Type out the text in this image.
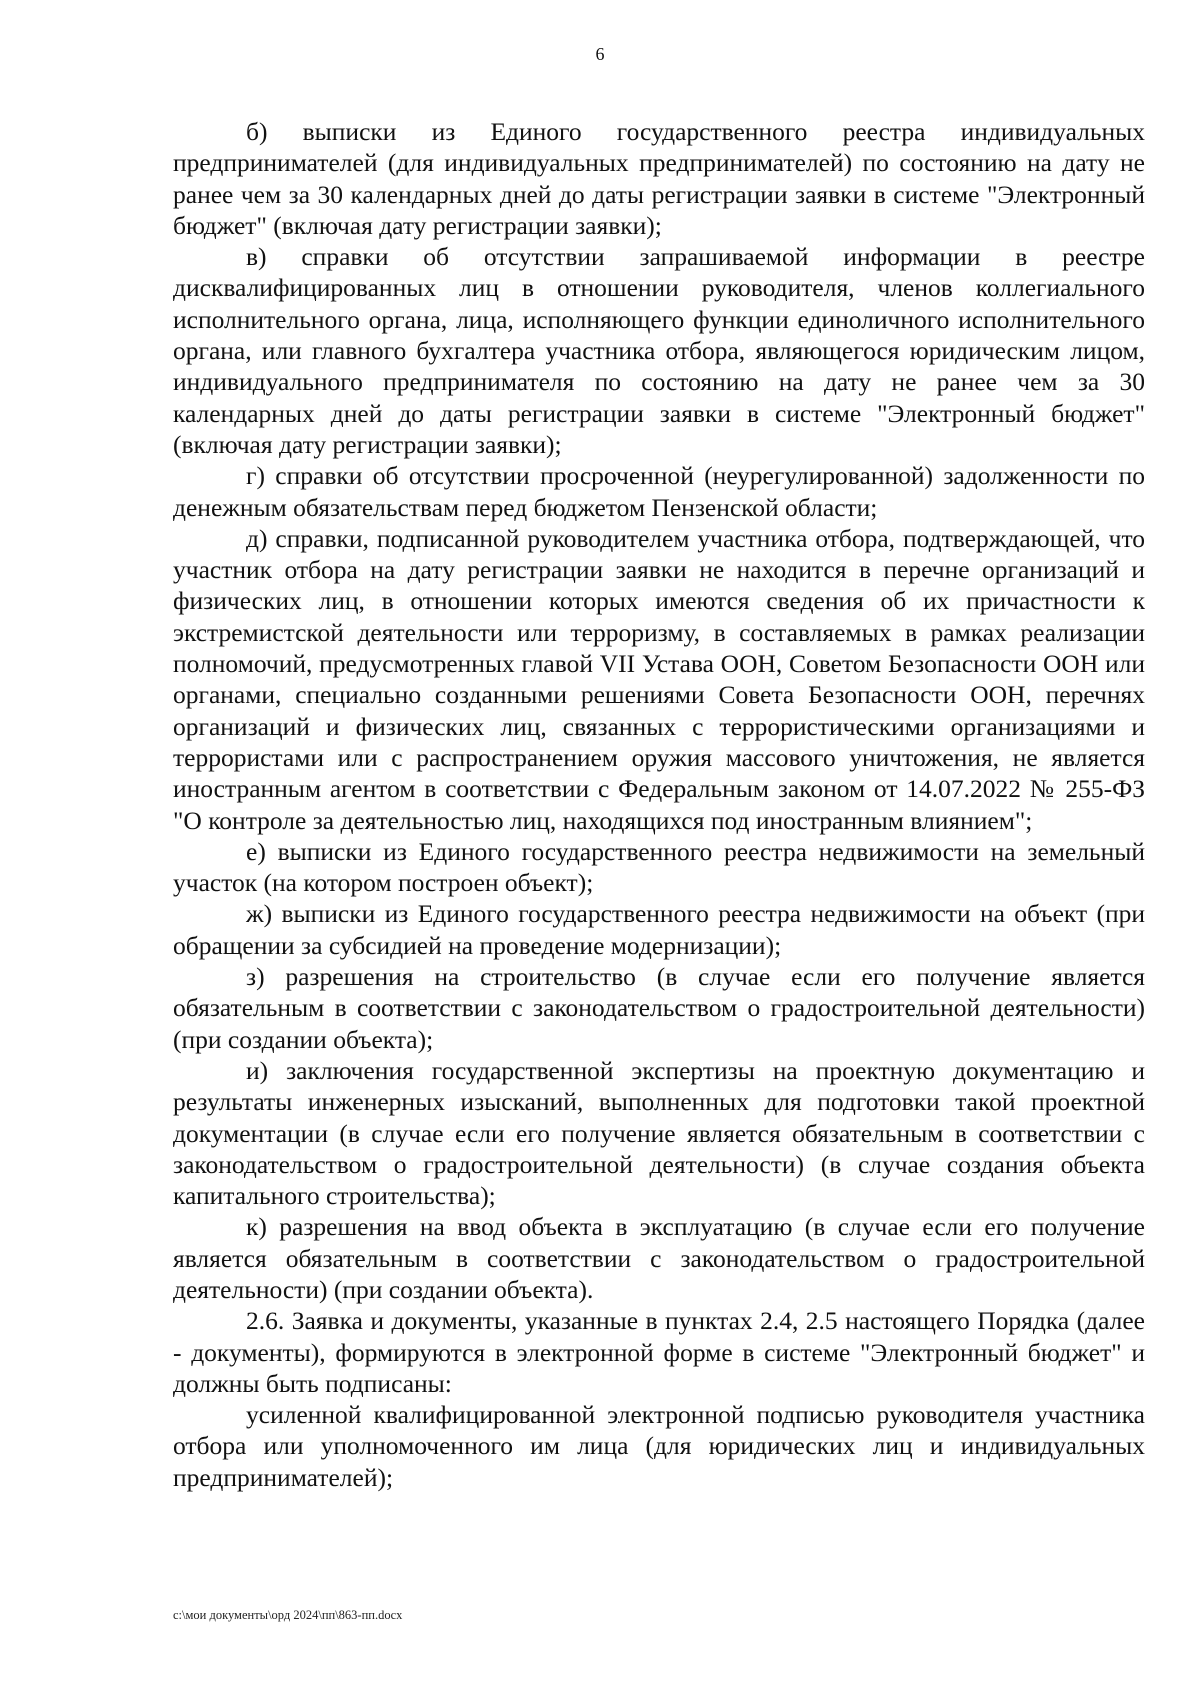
6

б) выписки из Единого государственного реестра индивидуальных предпринимателей (для индивидуальных предпринимателей) по состоянию на дату не ранее чем за 30 календарных дней до даты регистрации заявки в системе "Электронный бюджет" (включая дату регистрации заявки);

в) справки об отсутствии запрашиваемой информации в реестре дисквалифицированных лиц в отношении руководителя, членов коллегиального исполнительного органа, лица, исполняющего функции единоличного исполнительного органа, или главного бухгалтера участника отбора, являющегося юридическим лицом, индивидуального предпринимателя по состоянию на дату не ранее чем за 30 календарных дней до даты регистрации заявки в системе "Электронный бюджет" (включая дату регистрации заявки);

г) справки об отсутствии просроченной (неурегулированной) задолженности по денежным обязательствам перед бюджетом Пензенской области;

д) справки, подписанной руководителем участника отбора, подтверждающей, что участник отбора на дату регистрации заявки не находится в перечне организаций и физических лиц, в отношении которых имеются сведения об их причастности к экстремистской деятельности или терроризму, в составляемых в рамках реализации полномочий, предусмотренных главой VII Устава ООН, Советом Безопасности ООН или органами, специально созданными решениями Совета Безопасности ООН, перечнях организаций и физических лиц, связанных с террористическими организациями и террористами или с распространением оружия массового уничтожения, не является иностранным агентом в соответствии с Федеральным законом от 14.07.2022 № 255-ФЗ "О контроле за деятельностью лиц, находящихся под иностранным влиянием";

е) выписки из Единого государственного реестра недвижимости на земельный участок (на котором построен объект);

ж) выписки из Единого государственного реестра недвижимости на объект (при обращении за субсидией на проведение модернизации);

з) разрешения на строительство (в случае если его получение является обязательным в соответствии с законодательством о градостроительной деятельности) (при создании объекта);

и) заключения государственной экспертизы на проектную документацию и результаты инженерных изысканий, выполненных для подготовки такой проектной документации (в случае если его получение является обязательным в соответствии с законодательством о градостроительной деятельности) (в случае создания объекта капитального строительства);

к) разрешения на ввод объекта в эксплуатацию (в случае если его получение является обязательным в соответствии с законодательством о градостроительной деятельности) (при создании объекта).

2.6. Заявка и документы, указанные в пунктах 2.4, 2.5 настоящего Порядка (далее - документы), формируются в электронной форме в системе "Электронный бюджет" и должны быть подписаны:

усиленной квалифицированной электронной подписью руководителя участника отбора или уполномоченного им лица (для юридических лиц и индивидуальных предпринимателей);

c:\мои документы\орд 2024\пп\863-пп.docx
